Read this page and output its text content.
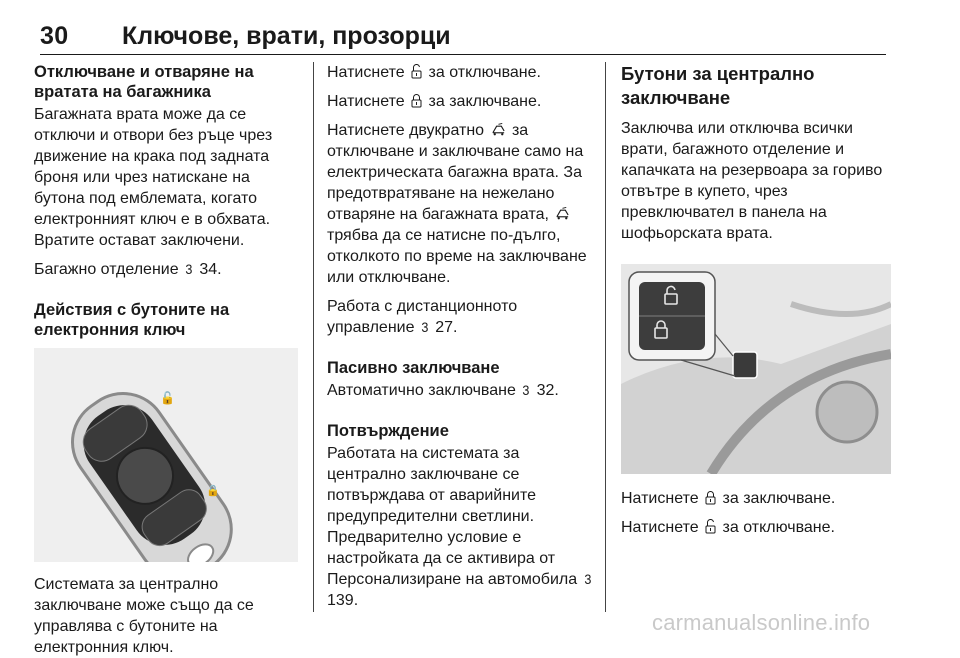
30 Ключове, врати, прозорци
Отключване и отваряне на вратата на багажника
Багажната врата може да се отключи и отвори без ръце чрез движение на крака под задната броня или чрез натискане на бутона под емблемата, когато електронният ключ е в обхвата. Вратите остават заключени.
Багажно отделение 3 34.
Действия с бутоните на електронния ключ
🔓
🔒
Системата за централно заключване може също да се управлява с бутоните на електронния ключ.
Натиснете за отключване.
Натиснете за заключване.
Натиснете двукратно за отключване и заключване само на електрическата багажна врата. За предотвратяване на нежелано отваряне на багажната врата,  трябва да се натисне по-дълго, отколкото по време на заключване или отключване.
Работа с дистанционното управление 3 27.
Пасивно заключване
Автоматично заключване 3 32.
Потвърждение
Работата на системата за централно заключване се потвърждава от аварийните предупредителни светлини. Предварително условие е настройката да се активира от Персонализиране на автомобила 3 139.
Бутони за централно заключване
Заключва или отключва всички врати, багажното отделение и капачката на резервоара за гориво отвътре в купето, чрез превключвател в панела на шофьорската врата.
Натиснете за заключване.
Натиснете за отключване.
carmanualsonline.info
